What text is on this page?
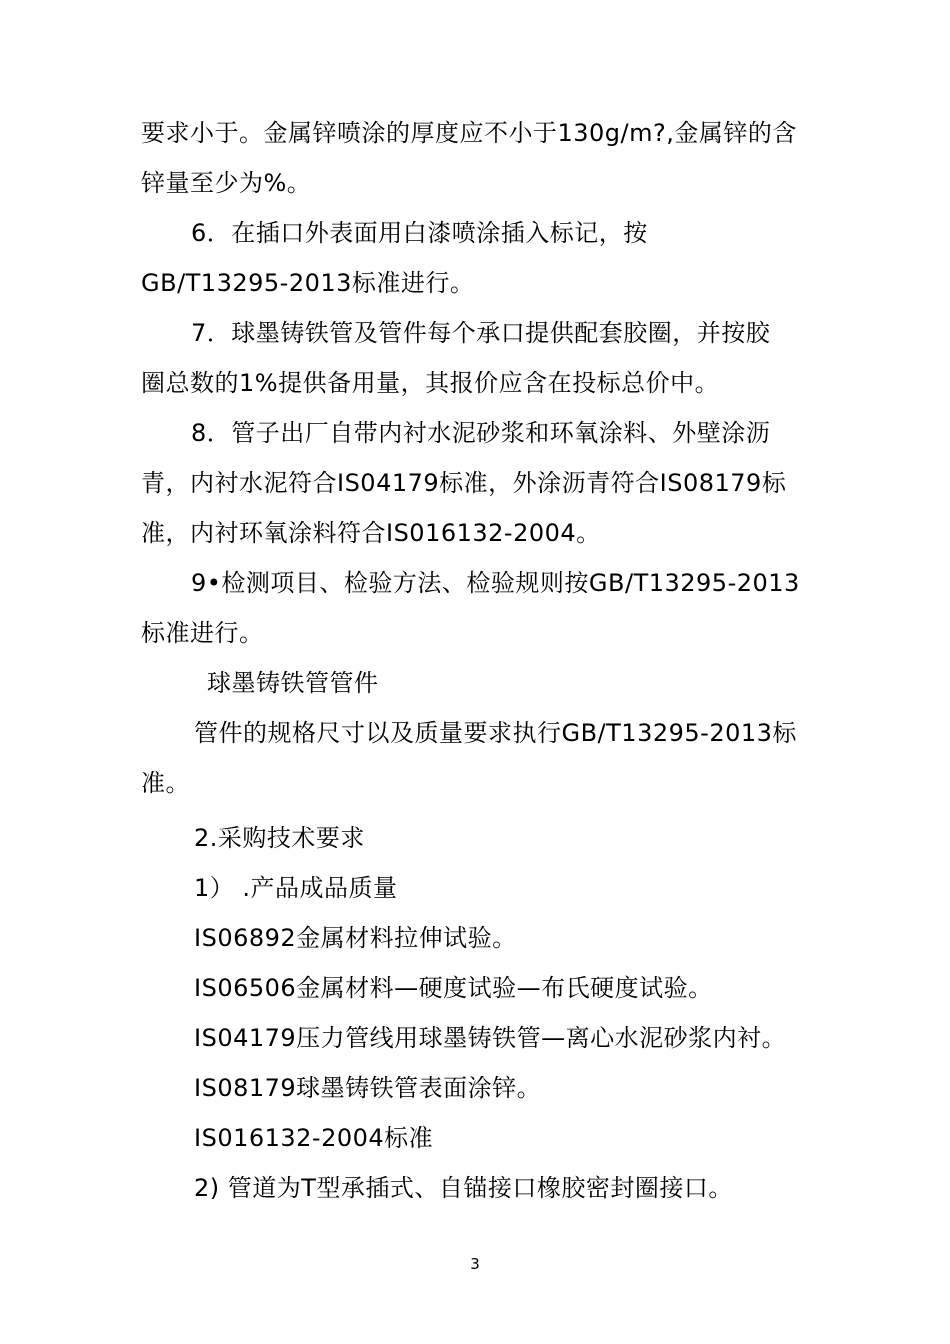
要求小于。金属锌喷涂的厚度应不小于130g/m?,金属锌的含
锌量至少为%。
6．在插口外表面用白漆喷涂插入标记，按
GB/T13295-2013标准进行。
7．球墨铸铁管及管件每个承口提供配套胶圈，并按胶
圈总数的1%提供备用量，其报价应含在投标总价中。
8．管子出厂自带内衬水泥砂浆和环氧涂料、外壁涂沥
青，内衬水泥符合IS04179标准，外涂沥青符合IS08179标
准，内衬环氧涂料符合IS016132-2004。
9•检测项目、检验方法、检验规则按GB/T13295-2013
标准进行。
球墨铸铁管管件
管件的规格尺寸以及质量要求执行GB/T13295-2013标
准。
2.采购技术要求
1） .产品成品质量
IS06892金属材料拉伸试验。
IS06506金属材料—硬度试验—布氏硬度试验。
IS04179压力管线用球墨铸铁管—离心水泥砂浆内衬。
IS08179球墨铸铁管表面涂锌。
IS016132-2004标准
2) 管道为T型承插式、自锚接口橡胶密封圈接口。
3
